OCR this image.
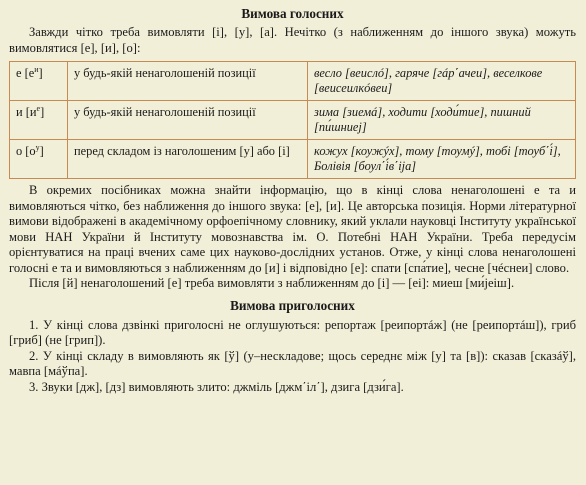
Вимова голосних

Завжди чітко треба вимовляти [і], [у], [а]. Нечітко (з наближенням до іншого звука) можуть вимовлятися [е], [и], [о]:

е $[е^и]$	у будь-якій ненаголошеній позиції	весло [веислó], гаряче [гáр΄ачеи], веселкове [веисеилкóвеи]
и $[и^е]$	у будь-якій ненаголошеній позиції	зима [зиемá], ходити [ходи́тие], пишний [пи́шниеј]
о $[о^у]$	перед складом із наголошеним [у] або [і]	кожух [коужýх], тому [тоумý], тобі [тоуб΄і́], Болівія [боул΄і́в΄іја]

В окремих посібниках можна знайти інформацію, що в кінці слова ненаголошені е та и вимовляються чітко, без наближення до іншого звука: [е], [и]. Це авторська позиція. Норми літературної вимови відображені в академічному орфоепічному словнику, який уклали науковці Інституту української мови НАН України й Інституту мовознавства ім. О. Потебні НАН України. Треба передусім орієнтуватися на праці вчених саме цих науково-дослідних установ. Отже, у кінці слова ненаголошені голосні е та и вимовляються з наближенням до [и] і відповідно [е]: спати [спа́тие], чесне [чéснеи] слово.

Після [й] ненаголошений [е] треба вимовляти з наближенням до [і] — [еі]: миеш [ми́јеіш].

Вимова приголосних

1. У кінці слова дзвінкі приголосні не оглушуються: репортаж [реипортáж] (не [реипортáш]), гриб [гриб] (не [грип]).

2. У кінці складу в вимовляють як [ў] (у–нескладове; щось середнє між [у] та [в]): сказав [сказáў], мавпа [мáўпа].

3. Звуки [дж], [дз] вимовляють злито: джміль [джм΄іл΄], дзига [дзи́га].
